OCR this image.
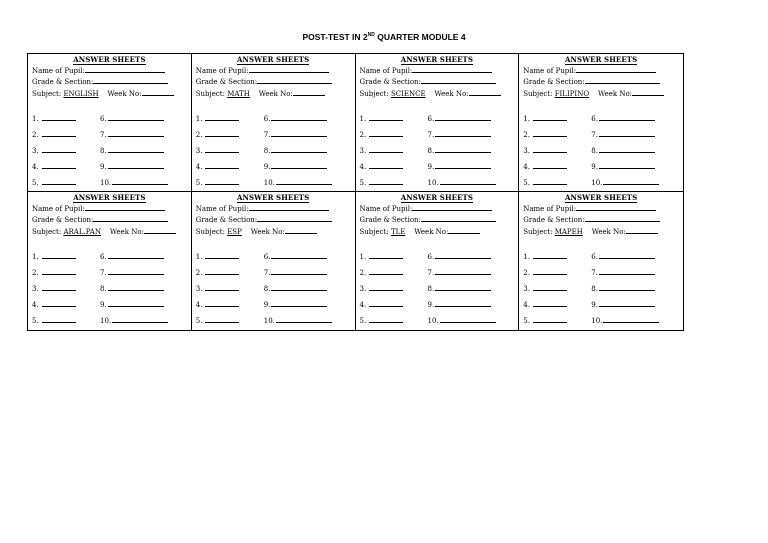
POST-TEST IN 2ND QUARTER MODULE 4
ANSWER SHEETS
Name of Pupil:
Grade & Section:
Subject: ENGLISH Week No:
1.	6.
2.	7.
3.	8.
4.	9.
5.	10.
ANSWER SHEETS
Name of Pupil:
Grade & Section:
Subject: MATH Week No:
1.	6.
2.	7.
3.	8.
4.	9.
5.	10.
ANSWER SHEETS
Name of Pupil:
Grade & Section:
Subject: SCIENCE Week No:
1.	6.
2.	7.
3.	8.
4.	9.
5.	10.
ANSWER SHEETS
Name of Pupil:
Grade & Section:
Subject: FILIPINO Week No:
1.	6.
2.	7.
3.	8.
4.	9.
5.	10.
ANSWER SHEETS
Name of Pupil:
Grade & Section:
Subject: ARAL.PAN Week No:
1.	6.
2.	7.
3.	8.
4.	9.
5.	10.
ANSWER SHEETS
Name of Pupil:
Grade & Section:
Subject: ESP Week No:
1.	6.
2.	7.
3.	8.
4.	9.
5.	10.
ANSWER SHEETS
Name of Pupil:
Grade & Section:
Subject: TLE Week No:
1.	6.
2.	7.
3.	8.
4.	9.
5.	10.
ANSWER SHEETS
Name of Pupil:
Grade & Section:
Subject: MAPEH Week No:
1.	6.
2.	7.
3.	8.
4.	9.
5.	10.
